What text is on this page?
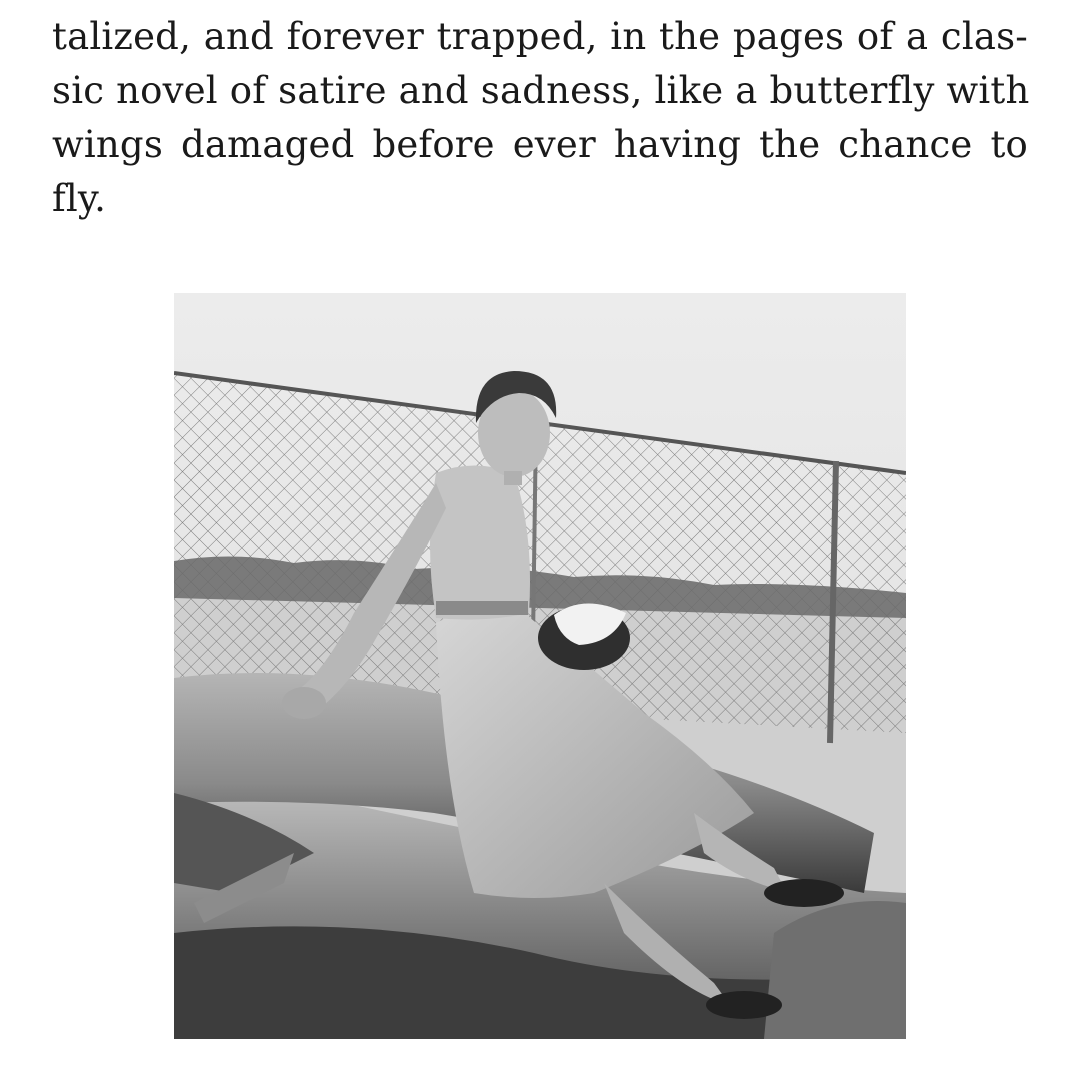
talized, and forever trapped, in the pages of a clas-
sic novel of satire and sadness, like a butterfly with
wings damaged before ever having the chance to
fly.
